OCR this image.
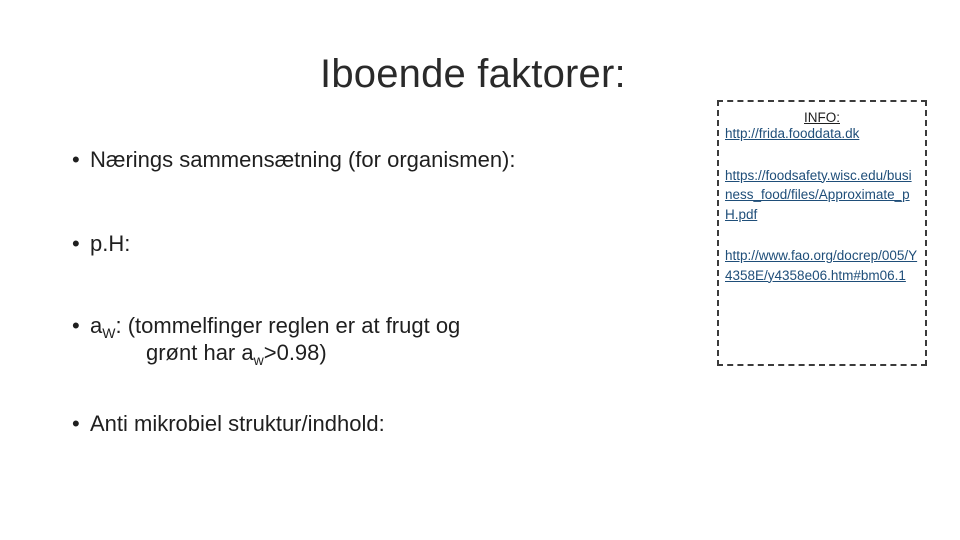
Iboende faktorer:
• Nærings sammensætning (for organismen):
• p.H:
• $a_W$: (tommelfinger reglen er at frugt og
grønt har $a_w>0.98$)
• Anti mikrobiel struktur/indhold:
INFO:
http://frida.fooddata.dk
https://foodsafety.wisc.edu/business_food/files/Approximate_pH.pdf
http://www.fao.org/docrep/005/Y4358E/y4358e06.htm#bm06.1
